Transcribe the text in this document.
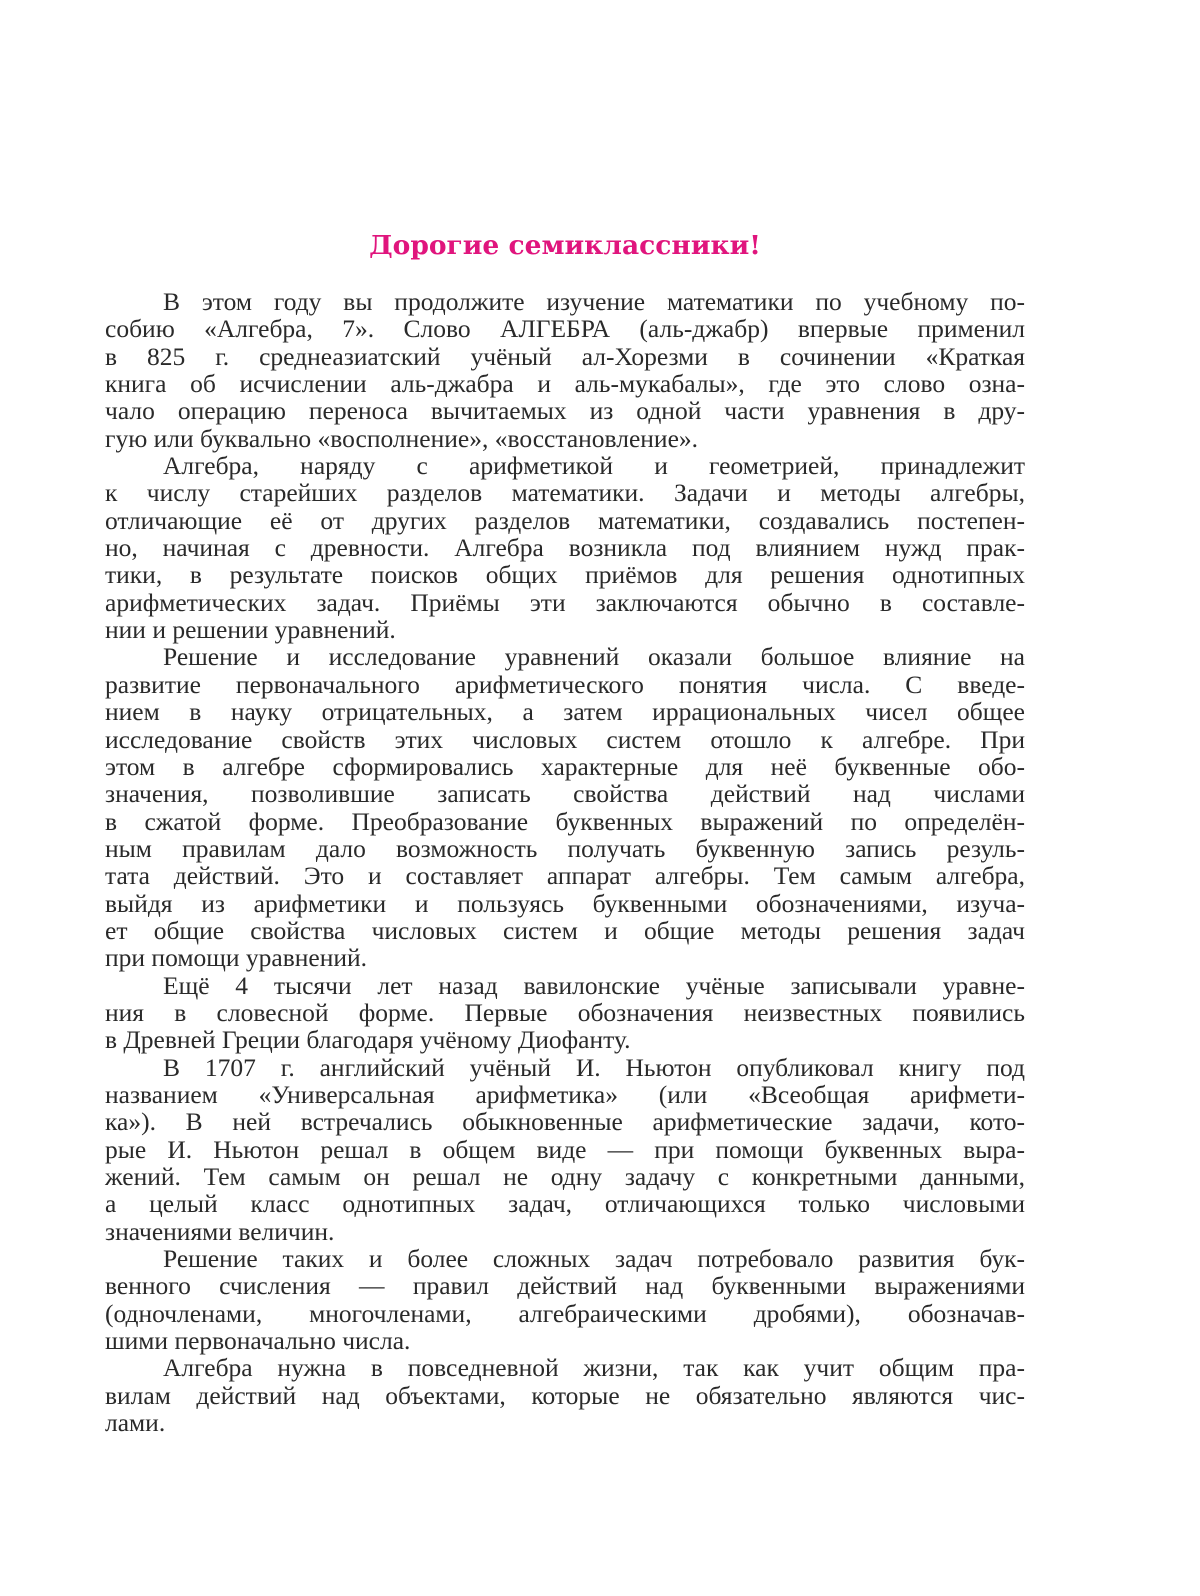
Дорогие семиклассники!
В этом году вы продолжите изучение математики по учебному по-
собию «Алгебра, 7». Слово АЛГЕБРА (аль-джабр) впервые применил
в 825 г. среднеазиатский учёный ал-Хорезми в сочинении «Краткая
книга об исчислении аль-джабра и аль-мукабалы», где это слово озна-
чало операцию переноса вычитаемых из одной части уравнения в дру-
гую или буквально «восполнение», «восстановление».
Алгебра, наряду с арифметикой и геометрией, принадлежит
к числу старейших разделов математики. Задачи и методы алгебры,
отличающие её от других разделов математики, создавались постепен-
но, начиная с древности. Алгебра возникла под влиянием нужд прак-
тики, в результате поисков общих приёмов для решения однотипных
арифметических задач. Приёмы эти заключаются обычно в составле-
нии и решении уравнений.
Решение и исследование уравнений оказали большое влияние на
развитие первоначального арифметического понятия числа. С введе-
нием в науку отрицательных, а затем иррациональных чисел общее
исследование свойств этих числовых систем отошло к алгебре. При
этом в алгебре сформировались характерные для неё буквенные обо-
значения, позволившие записать свойства действий над числами
в сжатой форме. Преобразование буквенных выражений по определён-
ным правилам дало возможность получать буквенную запись резуль-
тата действий. Это и составляет аппарат алгебры. Тем самым алгебра,
выйдя из арифметики и пользуясь буквенными обозначениями, изуча-
ет общие свойства числовых систем и общие методы решения задач
при помощи уравнений.
Ещё 4 тысячи лет назад вавилонские учёные записывали уравне-
ния в словесной форме. Первые обозначения неизвестных появились
в Древней Греции благодаря учёному Диофанту.
В 1707 г. английский учёный И. Ньютон опубликовал книгу под
названием «Универсальная арифметика» (или «Всеобщая арифмети-
ка»). В ней встречались обыкновенные арифметические задачи, кото-
рые И. Ньютон решал в общем виде — при помощи буквенных выра-
жений. Тем самым он решал не одну задачу с конкретными данными,
а целый класс однотипных задач, отличающихся только числовыми
значениями величин.
Решение таких и более сложных задач потребовало развития бук-
венного счисления — правил действий над буквенными выражениями
(одночленами, многочленами, алгебраическими дробями), обозначав-
шими первоначально числа.
Алгебра нужна в повседневной жизни, так как учит общим пра-
вилам действий над объектами, которые не обязательно являются чис-
лами.
